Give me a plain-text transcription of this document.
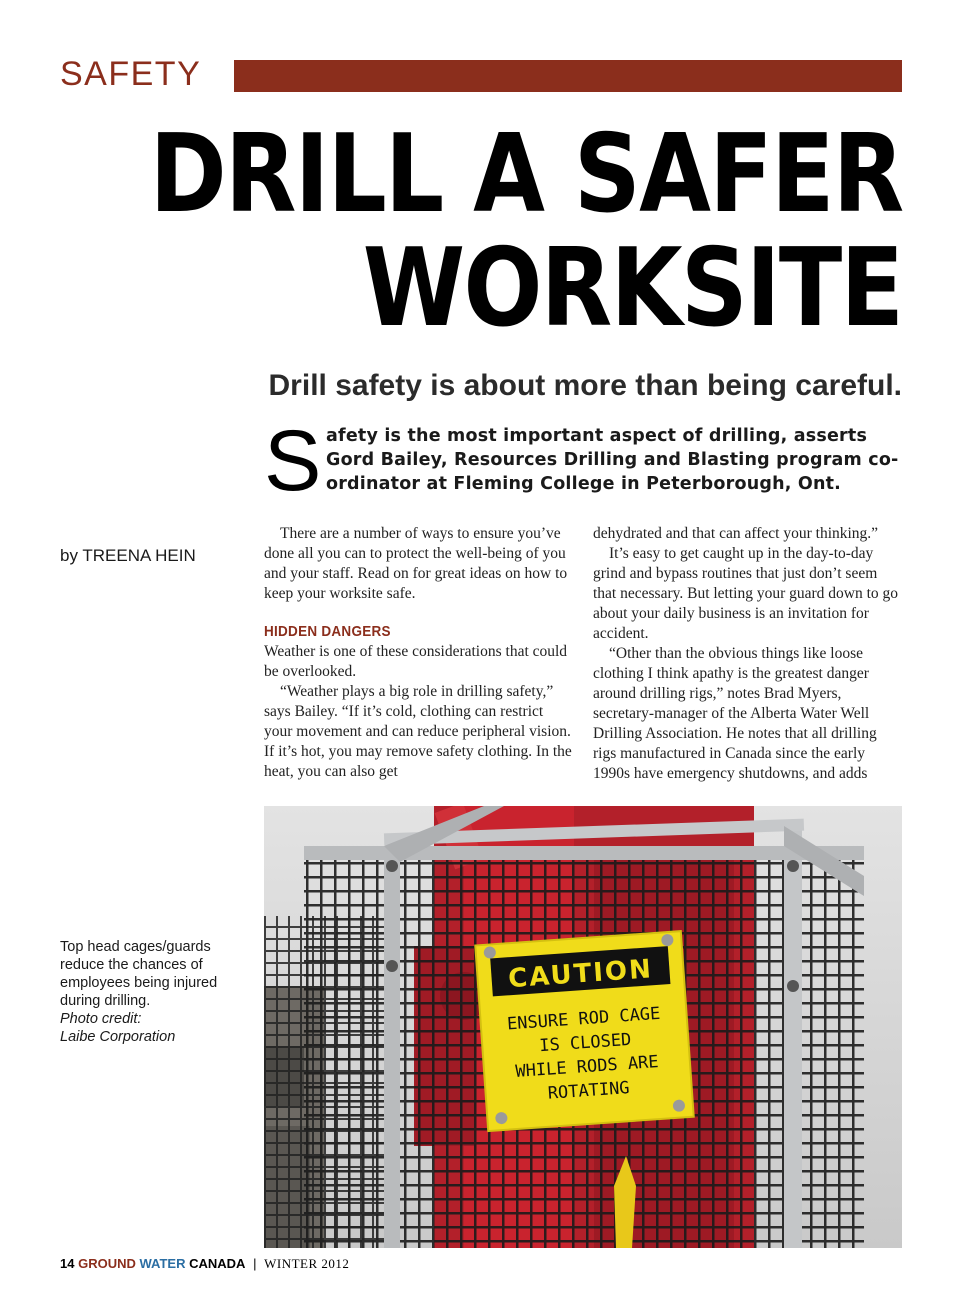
SAFETY
DRILL A SAFER
WORKSITE
Drill safety is about more than being careful.
S afety is the most important aspect of drilling, asserts Gord Bailey, Resources Drilling and Blasting program co-ordinator at Fleming College in Peterborough, Ont.

by TREENA HEIN

There are a number of ways to ensure you’ve done all you can to protect the well-being of you and your staff. Read on for great ideas on how to keep your worksite safe.

HIDDEN DANGERS

Weather is one of these considerations that could be overlooked.

“Weather plays a big role in drilling safety,” says Bailey. “If it’s cold, clothing can restrict your movement and can reduce peripheral vision. If it’s hot, you may remove safety clothing. In the heat, you can also get

dehydrated and that can affect your thinking.”

It’s easy to get caught up in the day-to-day grind and bypass routines that just don’t seem that necessary. But letting your guard down to go about your daily business is an invitation for accident.

“Other than the obvious things like loose clothing I think apathy is the greatest danger around drilling rigs,” notes Brad Myers, secretary-manager of the Alberta Water Well Drilling Association. He notes that all drilling rigs manufactured in Canada since the early 1990s have emergency shutdowns, and adds

CAUTION
ENSURE ROD CAGE
IS CLOSED
WHILE RODS ARE
ROTATING
Top head cages/guards reduce the chances of employees being injured during drilling.
Photo credit:
Laibe Corporation
14 GROUND WATER CANADA | WINTER 2012
